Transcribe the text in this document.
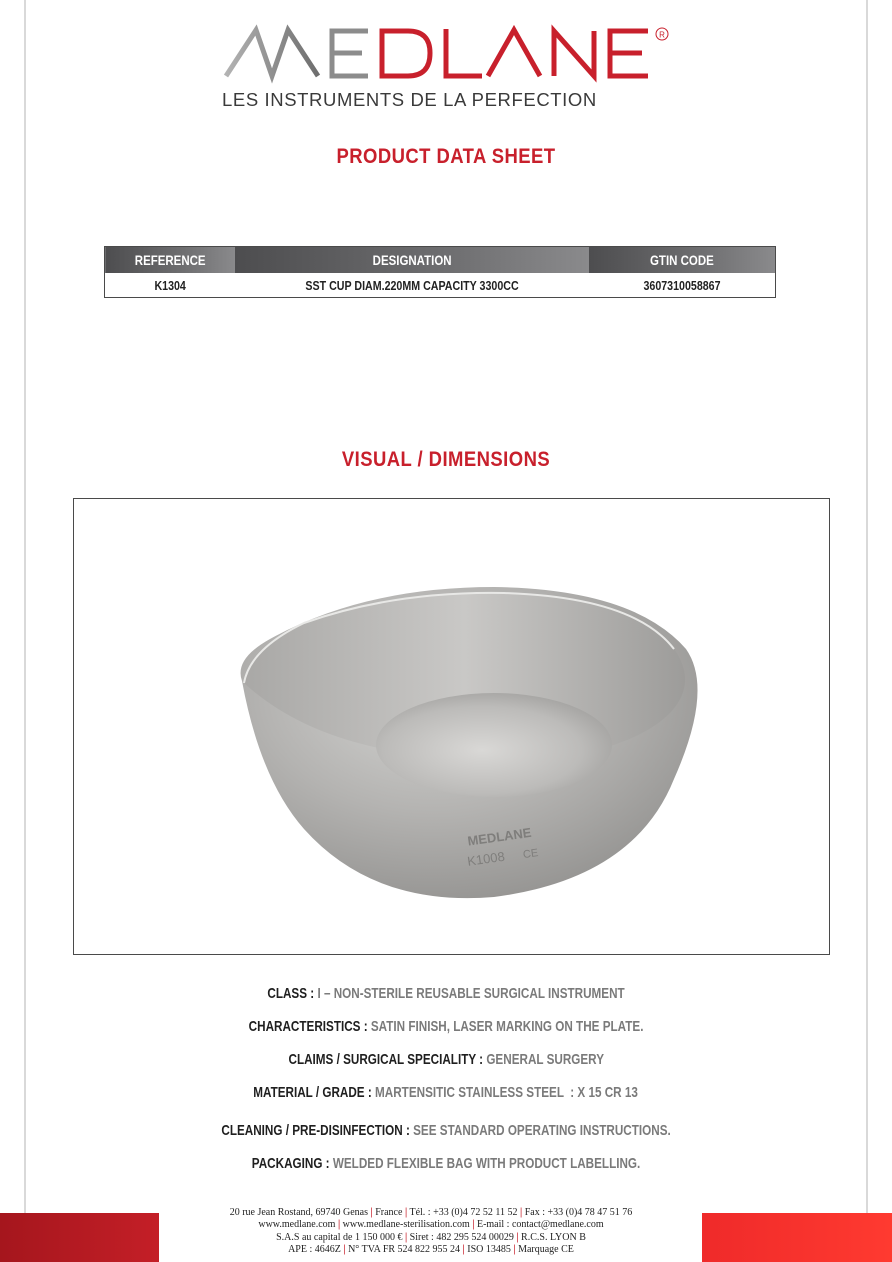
R
LES INSTRUMENTS DE LA PERFECTION
PRODUCT DATA SHEET
REFERENCE	DESIGNATION	GTIN CODE
K1304	SST CUP DIAM.220MM CAPACITY 3300CC	3607310058867
VISUAL / DIMENSIONS
MEDLANE
K1008 CE
CLASS : I – NON-STERILE REUSABLE SURGICAL INSTRUMENT
CHARACTERISTICS : SATIN FINISH, LASER MARKING ON THE PLATE.
CLAIMS / SURGICAL SPECIALITY : GENERAL SURGERY
MATERIAL / GRADE : MARTENSITIC STAINLESS STEEL  : X 15 CR 13
CLEANING / PRE-DISINFECTION : SEE STANDARD OPERATING INSTRUCTIONS.
PACKAGING : WELDED FLEXIBLE BAG WITH PRODUCT LABELLING.
20 rue Jean Rostand, 69740 Genas | France | Tél. : +33 (0)4 72 52 11 52 | Fax : +33 (0)4 78 47 51 76
www.medlane.com | www.medlane-sterilisation.com | E-mail : contact@medlane.com
S.A.S au capital de 1 150 000 € | Siret : 482 295 524 00029 | R.C.S. LYON B
APE : 4646Z | N° TVA FR 524 822 955 24 | ISO 13485 | Marquage CE
